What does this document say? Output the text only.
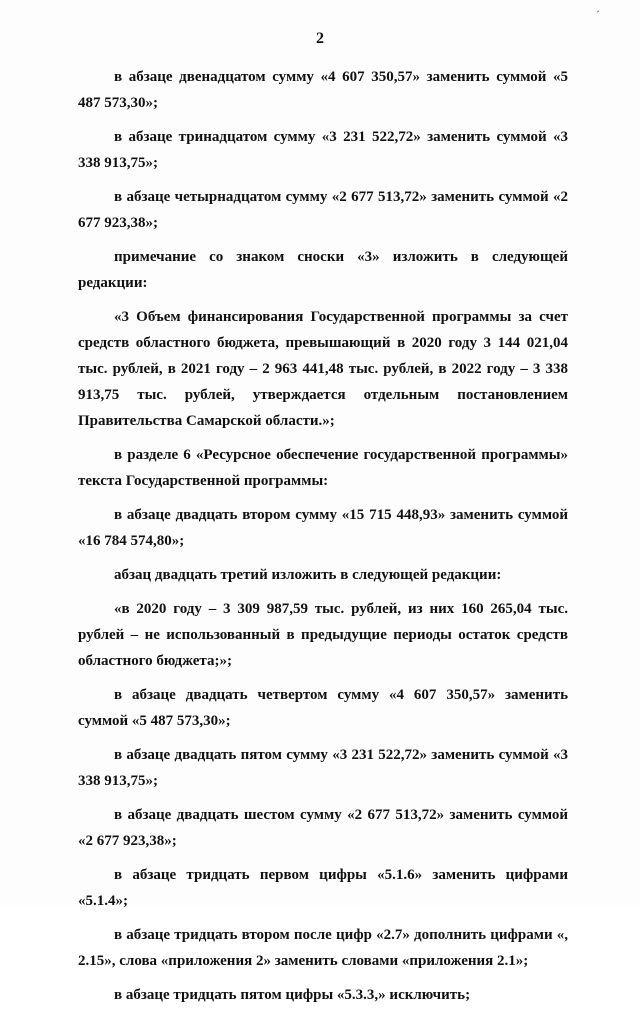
´
2

в абзаце двенадцатом сумму «4 607 350,57» заменить суммой «5 487 573,30»;

в абзаце тринадцатом сумму «3 231 522,72» заменить суммой «3 338 913,75»;

в абзаце четырнадцатом сумму «2 677 513,72» заменить суммой «2 677 923,38»;

примечание со знаком сноски «3» изложить в следующей редакции:

«3 Объем финансирования Государственной программы за счет средств областного бюджета, превышающий в 2020 году 3 144 021,04 тыс. рублей, в 2021 году – 2 963 441,48 тыс. рублей, в 2022 году – 3 338 913,75 тыс. рублей, утверждается отдельным постановлением Правительства Самарской области.»;

в разделе 6 «Ресурсное обеспечение государственной программы» текста Государственной программы:

в абзаце двадцать втором сумму «15 715 448,93» заменить суммой «16 784 574,80»;

абзац двадцать третий изложить в следующей редакции:

«в 2020 году – 3 309 987,59 тыс. рублей, из них 160 265,04 тыс. рублей – не использованный в предыдущие периоды остаток средств областного бюджета;»;

в абзаце двадцать четвертом сумму «4 607 350,57» заменить суммой «5 487 573,30»;

в абзаце двадцать пятом сумму «3 231 522,72» заменить суммой «3 338 913,75»;

в абзаце двадцать шестом сумму «2 677 513,72» заменить суммой «2 677 923,38»;

в абзаце тридцать первом цифры «5.1.6» заменить цифрами «5.1.4»;

в абзаце тридцать втором после цифр «2.7» дополнить цифрами «, 2.15», слова «приложения 2» заменить словами «приложения 2.1»;

в абзаце тридцать пятом цифры «5.3.3,» исключить;
